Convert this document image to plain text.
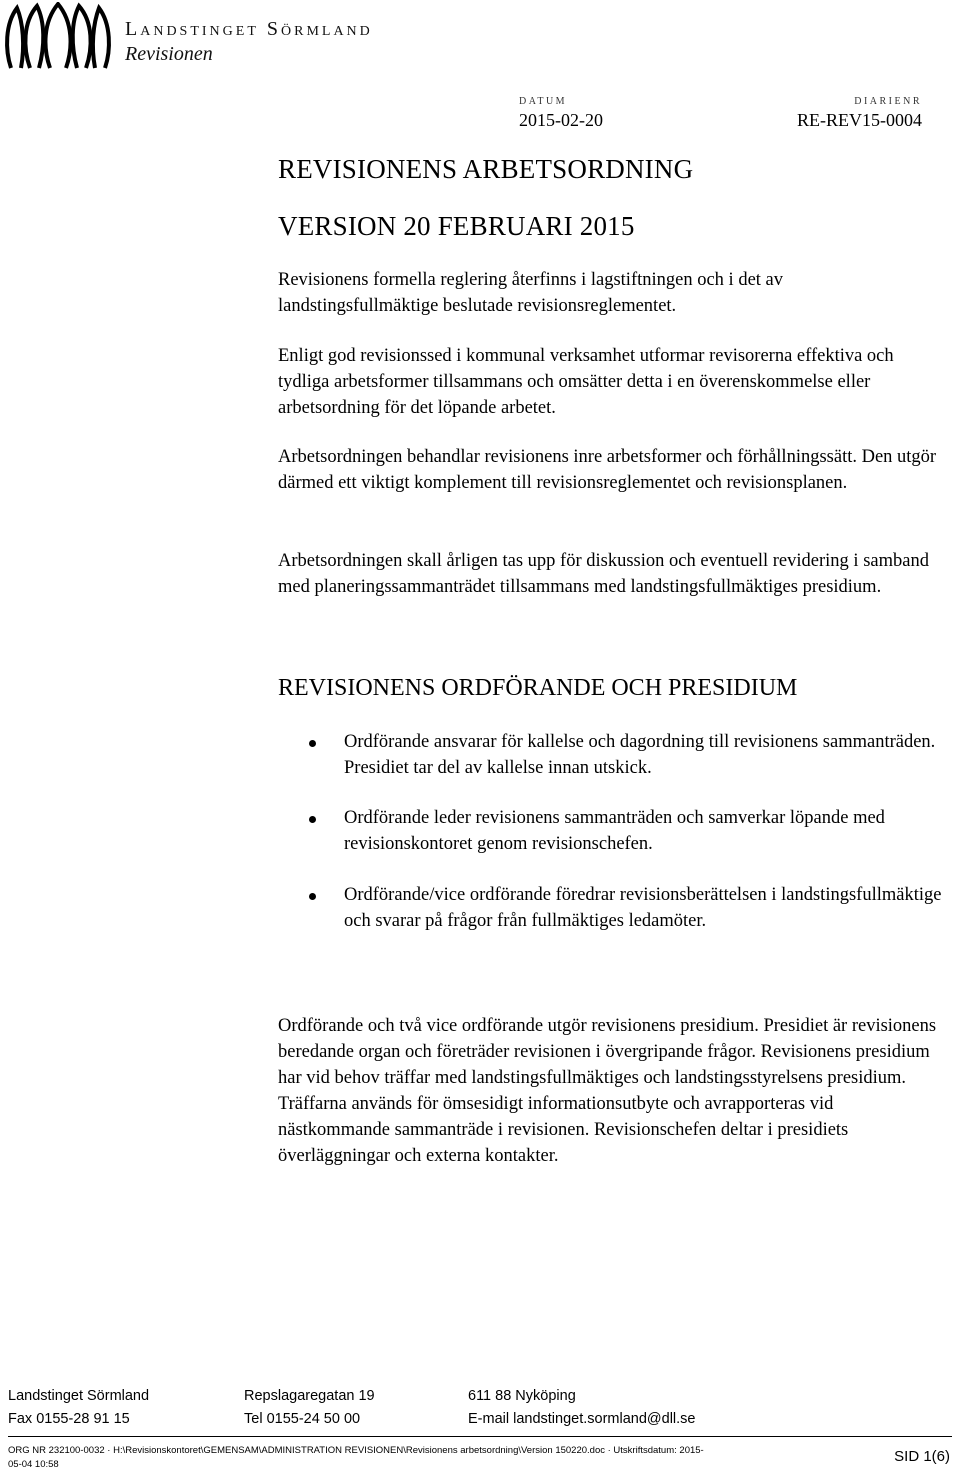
Landstinget Sörmland
Revisionen
DATUM
2015-02-20
DIARIENR
RE-REV15-0004
REVISIONENS ARBETSORDNING
VERSION 20 FEBRUARI 2015

Revisionens formella reglering återfinns i lagstiftningen och i det av landstingsfullmäktige beslutade revisionsreglementet.

Enligt god revisionssed i kommunal verksamhet utformar revisorerna effektiva och tydliga arbetsformer tillsammans och omsätter detta i en överenskommelse eller arbetsordning för det löpande arbetet.

Arbetsordningen behandlar revisionens inre arbetsformer och förhållningssätt. Den utgör därmed ett viktigt komplement till revisionsreglementet och revisionsplanen.

Arbetsordningen skall årligen tas upp för diskussion och eventuell revidering i samband med planeringssammanträdet tillsammans med landstingsfullmäktiges presidium.

REVISIONENS ORDFÖRANDE OCH PRESIDIUM

Ordförande ansvarar för kallelse och dagordning till revisionens sammanträden. Presidiet tar del av kallelse innan utskick.

Ordförande leder revisionens sammanträden och samverkar löpande med revisionskontoret genom revisionschefen.

Ordförande/vice ordförande föredrar revisionsberättelsen i landstingsfullmäktige och svarar på frågor från fullmäktiges ledamöter.

Ordförande och två vice ordförande utgör revisionens presidium. Presidiet är revisionens beredande organ och företräder revisionen i övergripande frågor. Revisionens presidium har vid behov träffar med landstingsfullmäktiges och landstingsstyrelsens presidium. Träffarna används för ömsesidigt informationsutbyte och avrapporteras vid nästkommande sammanträde i revisionen. Revisionschefen deltar i presidiets överläggningar och externa kontakter.

Landstinget Sörmland	Repslagaregatan 19	611 88 Nyköping
Fax 0155-28 91 15	Tel 0155-24 50 00	E-mail landstinget.sormland@dll.se
ORG NR 232100-0032 · H:\Revisionskontoret\GEMENSAM\ADMINISTRATION REVISIONEN\Revisionens arbetsordning\Version 150220.doc · Utskriftsdatum: 2015-05-04 10:58	SID 1(6)
